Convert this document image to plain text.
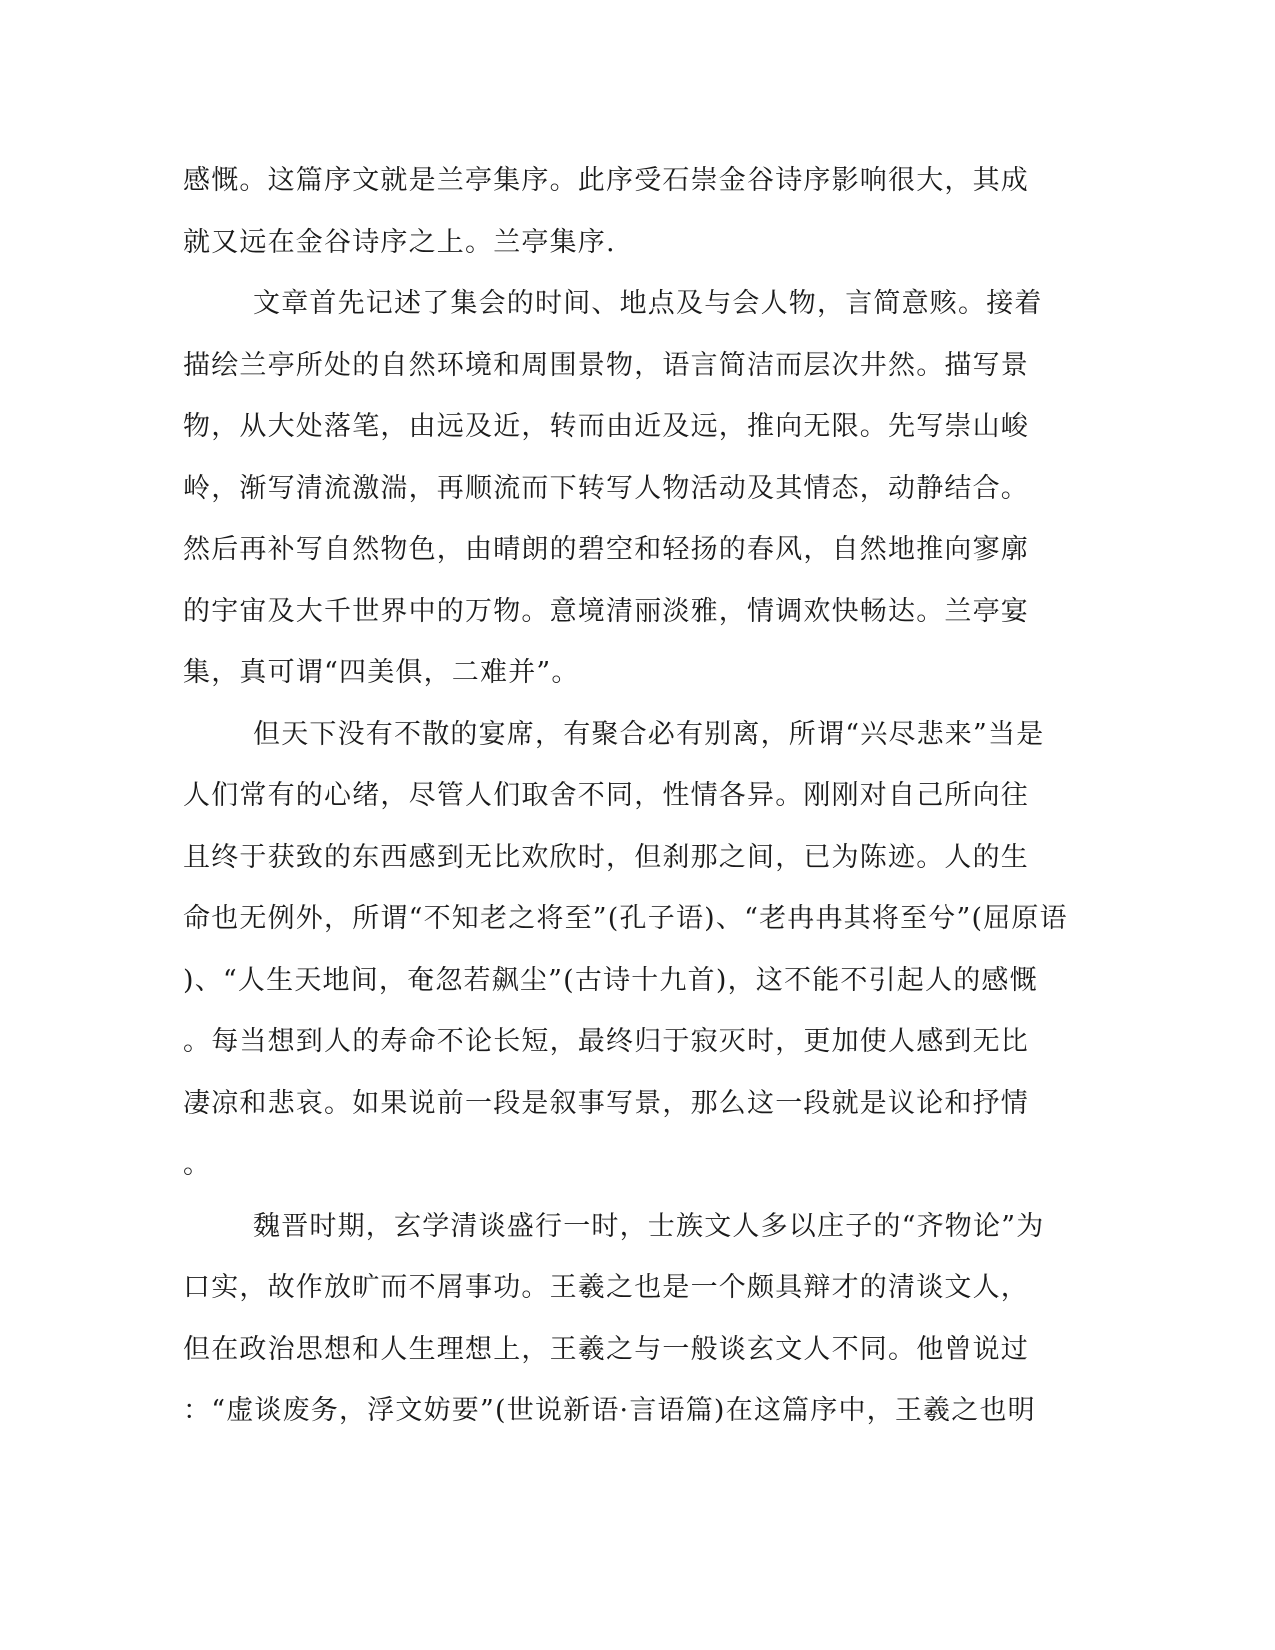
感慨。这篇序文就是兰亭集序。此序受石崇金谷诗序影响很大，其成
就又远在金谷诗序之上。兰亭集序.
文章首先记述了集会的时间、地点及与会人物，言简意赅。接着
描绘兰亭所处的自然环境和周围景物，语言简洁而层次井然。描写景
物，从大处落笔，由远及近，转而由近及远，推向无限。先写崇山峻
岭，渐写清流激湍，再顺流而下转写人物活动及其情态，动静结合。
然后再补写自然物色，由晴朗的碧空和轻扬的春风，自然地推向寥廓
的宇宙及大千世界中的万物。意境清丽淡雅，情调欢快畅达。兰亭宴
集，真可谓“四美俱，二难并”。
但天下没有不散的宴席，有聚合必有别离，所谓“兴尽悲来”当是
人们常有的心绪，尽管人们取舍不同，性情各异。刚刚对自己所向往
且终于获致的东西感到无比欢欣时，但刹那之间，已为陈迹。人的生
命也无例外，所谓“不知老之将至”(孔子语)、“老冉冉其将至兮”(屈原语
)、“人生天地间，奄忽若飙尘”(古诗十九首)，这不能不引起人的感慨
。每当想到人的寿命不论长短，最终归于寂灭时，更加使人感到无比
凄凉和悲哀。如果说前一段是叙事写景，那么这一段就是议论和抒情
。
魏晋时期，玄学清谈盛行一时，士族文人多以庄子的“齐物论”为
口实，故作放旷而不屑事功。王羲之也是一个颇具辩才的清谈文人，
但在政治思想和人生理想上，王羲之与一般谈玄文人不同。他曾说过
：“虚谈废务，浮文妨要”(世说新语·言语篇)在这篇序中，王羲之也明
